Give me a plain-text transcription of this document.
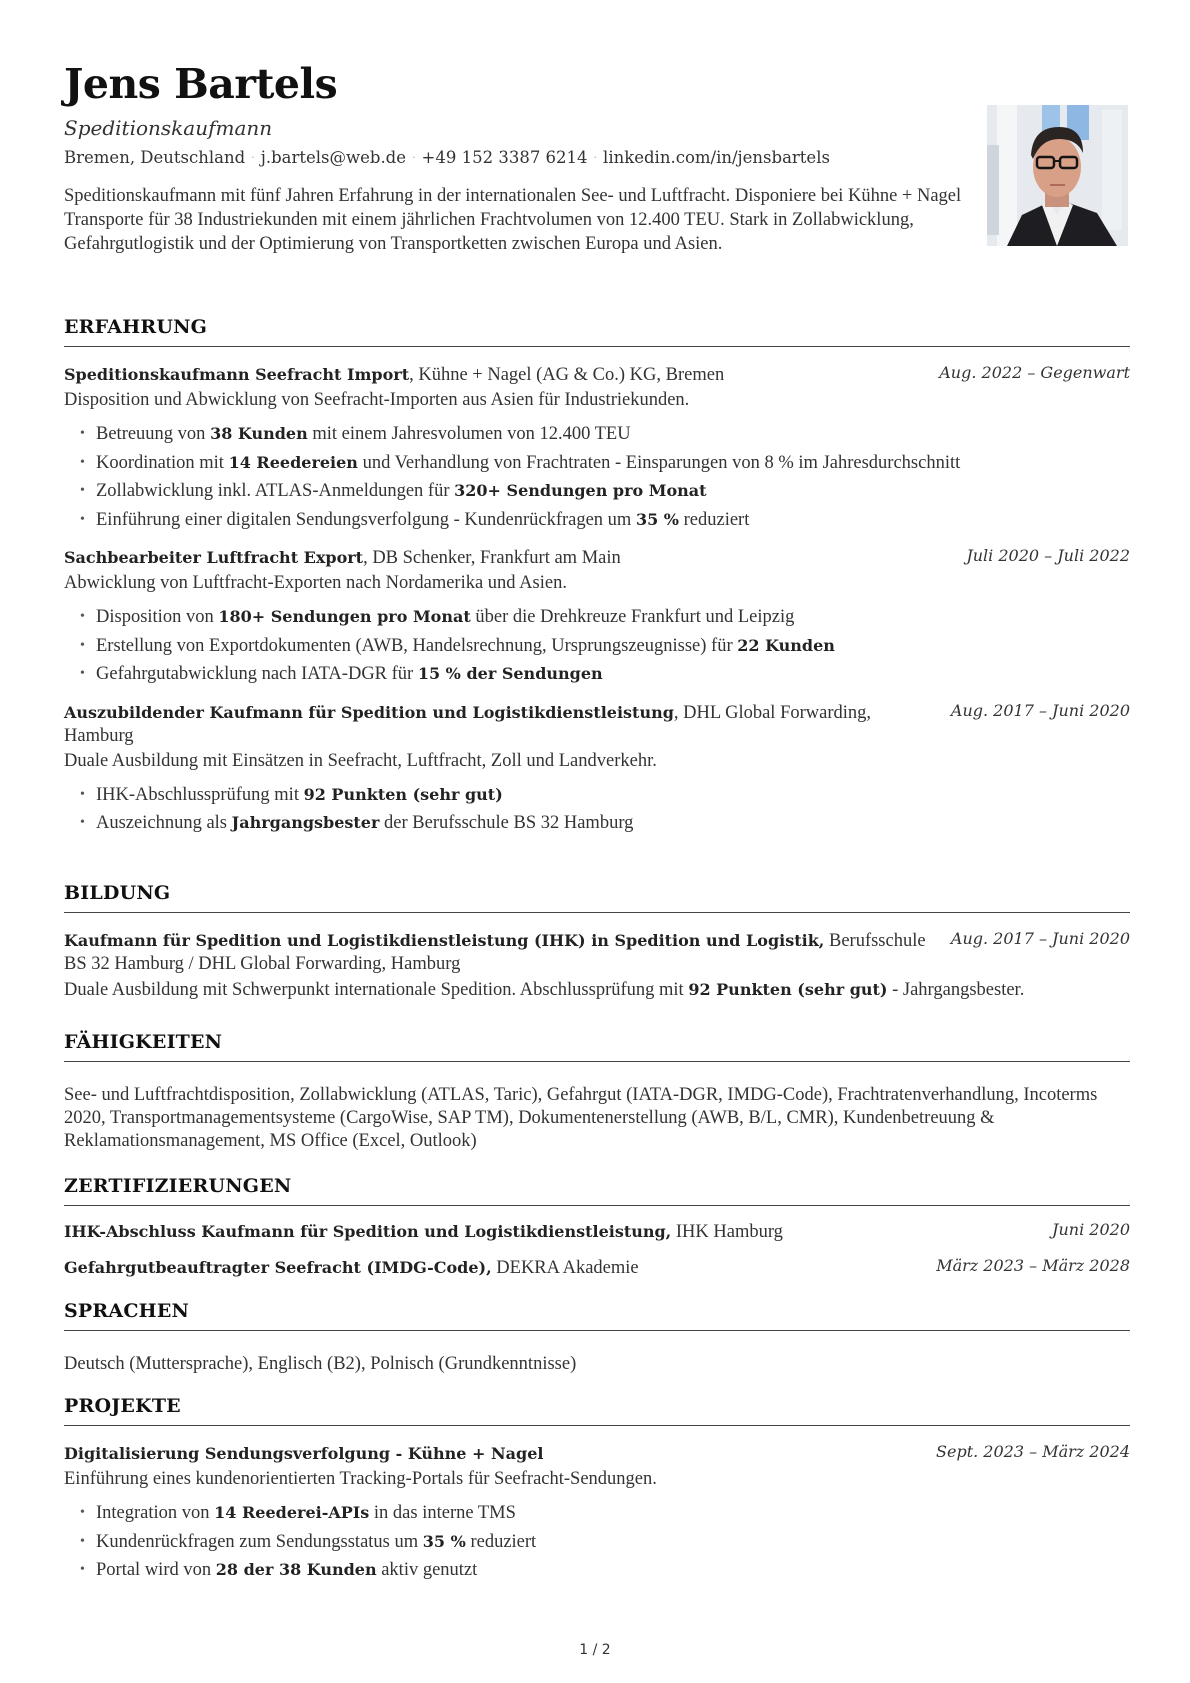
Jens Bartels
Speditionskaufmann
Bremen, Deutschland · j.bartels@web.de · +49 152 3387 6214 · linkedin.com/in/jensbartels

Speditionskaufmann mit fünf Jahren Erfahrung in der internationalen See- und Luftfracht. Disponiere bei Kühne + Nagel Transporte für 38 Industriekunden mit einem jährlichen Frachtvolumen von 12.400 TEU. Stark in Zollabwicklung, Gefahrgutlogistik und der Optimierung von Transportketten zwischen Europa und Asien.

ERFAHRUNG
Speditionskaufmann Seefracht Import, Kühne + Nagel (AG & Co.) KG, Bremen	Aug. 2022 – Gegenwart
Disposition und Abwicklung von Seefracht-Importen aus Asien für Industriekunden.
• Betreuung von 38 Kunden mit einem Jahresvolumen von 12.400 TEU
• Koordination mit 14 Reedereien und Verhandlung von Frachtraten - Einsparungen von 8 % im Jahresdurchschnitt
• Zollabwicklung inkl. ATLAS-Anmeldungen für 320+ Sendungen pro Monat
• Einführung einer digitalen Sendungsverfolgung - Kundenrückfragen um 35 % reduziert
Sachbearbeiter Luftfracht Export, DB Schenker, Frankfurt am Main	Juli 2020 – Juli 2022
Abwicklung von Luftfracht-Exporten nach Nordamerika und Asien.
• Disposition von 180+ Sendungen pro Monat über die Drehkreuze Frankfurt und Leipzig
• Erstellung von Exportdokumenten (AWB, Handelsrechnung, Ursprungszeugnisse) für 22 Kunden
• Gefahrgutabwicklung nach IATA-DGR für 15 % der Sendungen
Auszubildender Kaufmann für Spedition und Logistikdienstleistung, DHL Global Forwarding, Hamburg
Aug. 2017 – Juni 2020
Duale Ausbildung mit Einsätzen in Seefracht, Luftfracht, Zoll und Landverkehr.
• IHK-Abschlussprüfung mit 92 Punkten (sehr gut)
• Auszeichnung als Jahrgangsbester der Berufsschule BS 32 Hamburg
BILDUNG
Kaufmann für Spedition und Logistikdienstleistung (IHK) in Spedition und Logistik, Berufsschule BS 32 Hamburg / DHL Global Forwarding, Hamburg
Aug. 2017 – Juni 2020
Duale Ausbildung mit Schwerpunkt internationale Spedition. Abschlussprüfung mit 92 Punkten (sehr gut) - Jahrgangsbester.
FÄHIGKEITEN

See- und Luftfrachtdisposition, Zollabwicklung (ATLAS, Taric), Gefahrgut (IATA-DGR, IMDG-Code), Frachtratenverhandlung, Incoterms 2020, Transportmanagementsysteme (CargoWise, SAP TM), Dokumentenerstellung (AWB, B/L, CMR), Kundenbetreuung & Reklamationsmanagement, MS Office (Excel, Outlook)

ZERTIFIZIERUNGEN
IHK-Abschluss Kaufmann für Spedition und Logistikdienstleistung, IHK Hamburg	Juni 2020
Gefahrgutbeauftragter Seefracht (IMDG-Code), DEKRA Akademie	März 2023 – März 2028
SPRACHEN

Deutsch (Muttersprache), Englisch (B2), Polnisch (Grundkenntnisse)

PROJEKTE
Digitalisierung Sendungsverfolgung - Kühne + Nagel	Sept. 2023 – März 2024
Einführung eines kundenorientierten Tracking-Portals für Seefracht-Sendungen.
• Integration von 14 Reederei-APIs in das interne TMS
• Kundenrückfragen zum Sendungsstatus um 35 % reduziert
• Portal wird von 28 der 38 Kunden aktiv genutzt
1 / 2
